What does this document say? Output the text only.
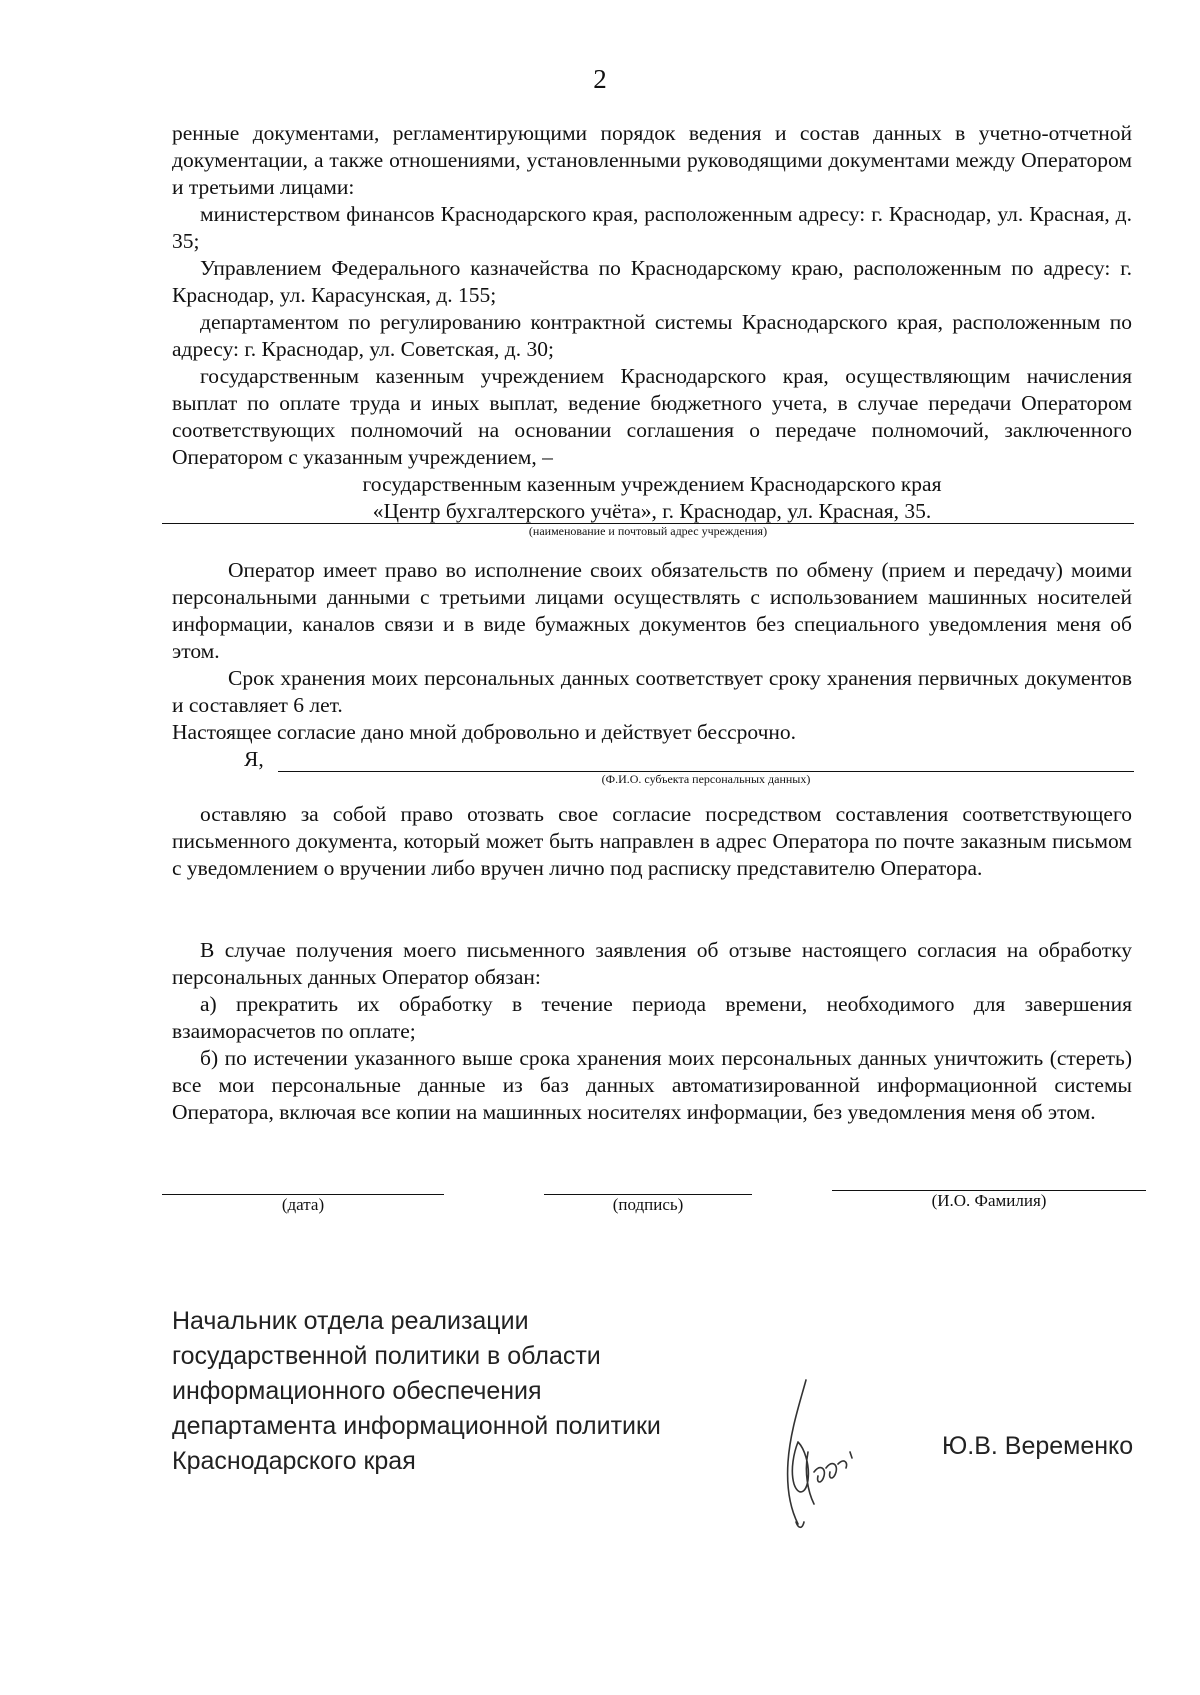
2
ренные документами, регламентирующими порядок ведения и состав данных в учетно-отчетной документации, а также отношениями, установленными руководящими документами между Оператором и третьими лицами:
министерством финансов Краснодарского края, расположенным адресу: г. Краснодар, ул. Красная, д. 35;
Управлением Федерального казначейства по Краснодарскому краю, расположенным по адресу: г. Краснодар, ул. Карасунская, д. 155;
департаментом по регулированию контрактной системы Краснодарского края, расположенным по адресу: г. Краснодар, ул. Советская, д. 30;
государственным казенным учреждением Краснодарского края, осуществляющим начисления выплат по оплате труда и иных выплат, ведение бюджетного учета, в случае передачи Оператором соответствующих полномочий на основании соглашения о передаче полномочий, заключенного Оператором с указанным учреждением, –
государственным казенным учреждением Краснодарского края
«Центр бухгалтерского учёта», г. Краснодар, ул. Красная, 35.
(наименование и почтовый адрес учреждения)
Оператор имеет право во исполнение своих обязательств по обмену (прием и передачу) моими персональными данными с третьими лицами осуществлять с использованием машинных носителей информации, каналов связи и в виде бумажных документов без специального уведомления меня об этом.
Срок хранения моих персональных данных соответствует сроку хранения первичных документов и составляет 6 лет.
Настоящее согласие дано мной добровольно и действует бессрочно.
Я,
(Ф.И.О. субъекта персональных данных)
оставляю за собой право отозвать свое согласие посредством составления соответствующего письменного документа, который может быть направлен в адрес Оператора по почте заказным письмом с уведомлением о вручении либо вручен лично под расписку представителю Оператора.
В случае получения моего письменного заявления об отзыве настоящего согласия на обработку персональных данных Оператор обязан:
а) прекратить их обработку в течение периода времени, необходимого для завершения взаиморасчетов по оплате;
б) по истечении указанного выше срока хранения моих персональных данных уничтожить (стереть) все мои персональные данные из баз данных автоматизированной информационной системы Оператора, включая все копии на машинных носителях информации, без уведомления меня об этом.
(дата)	(подпись)	(И.О. Фамилия)
Начальник отдела реализации
государственной политики в области
информационного обеспечения
департамента информационной политики
Краснодарского края
Ю.В. Веременко
